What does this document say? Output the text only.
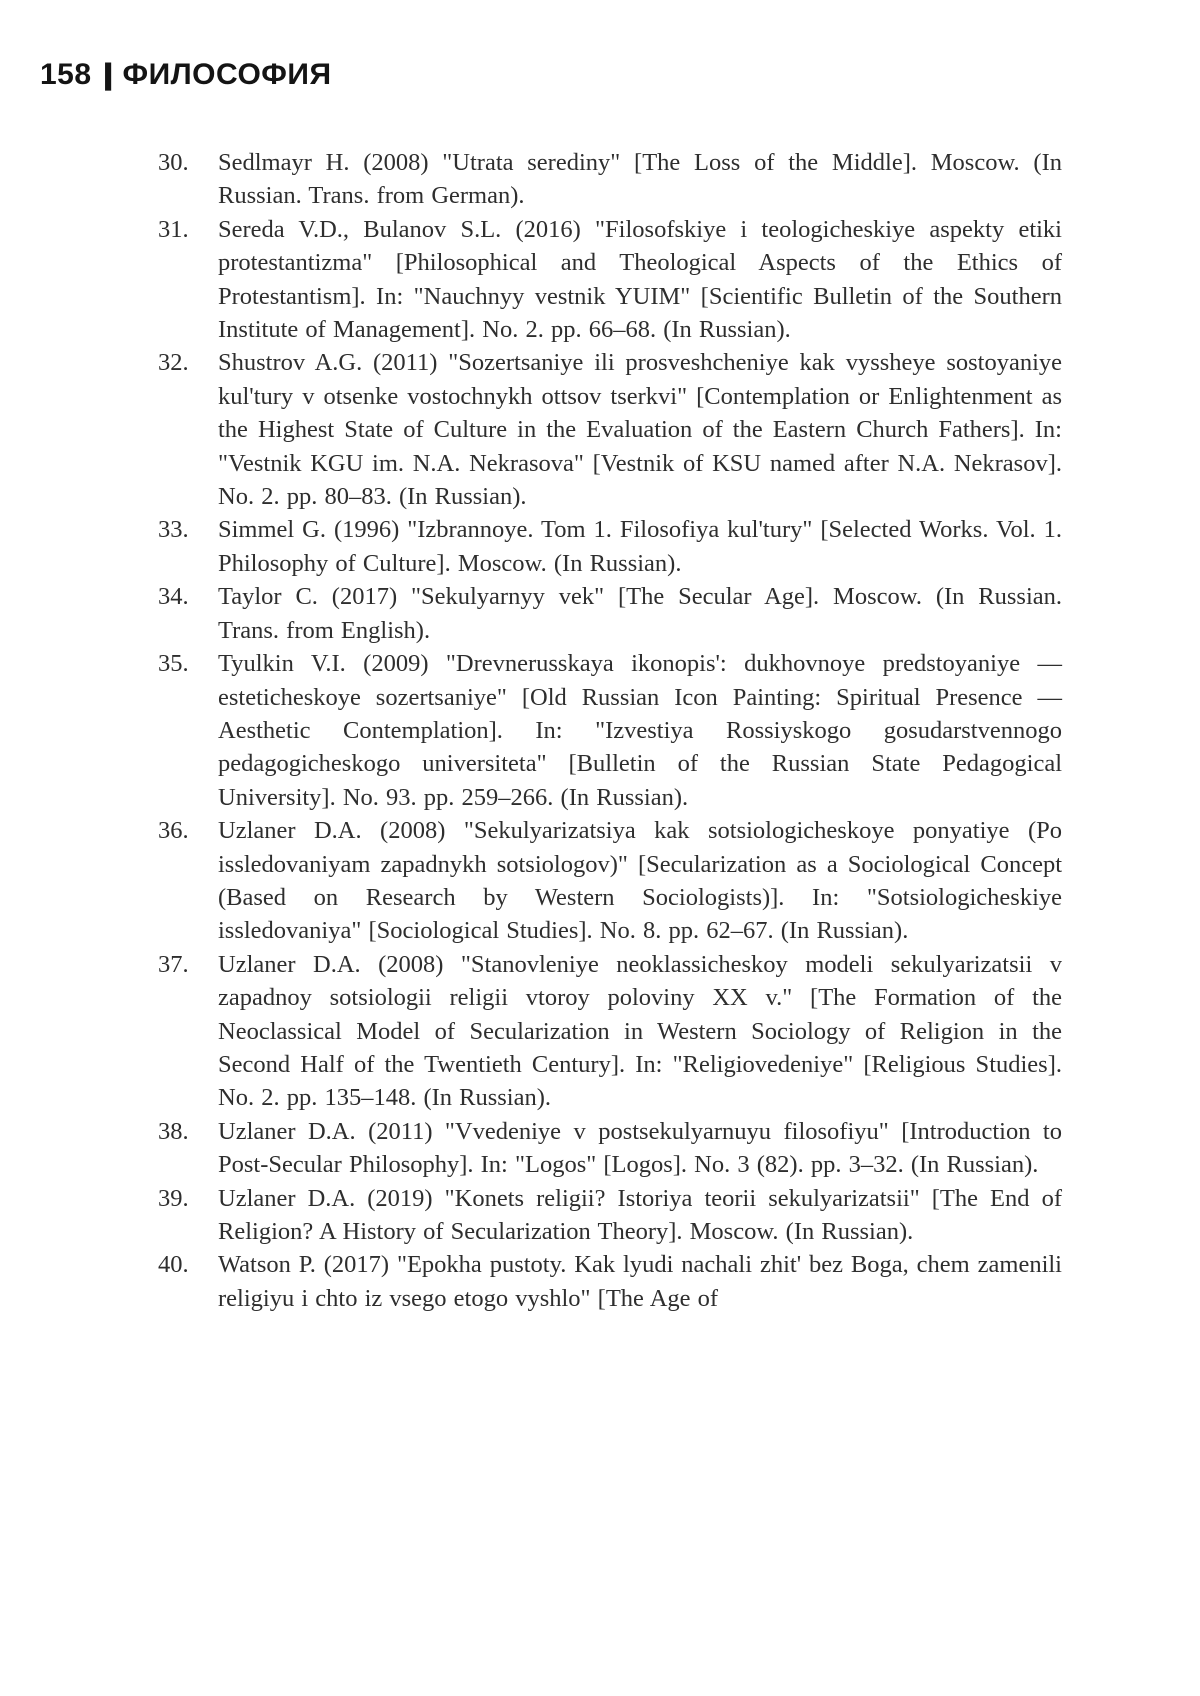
158 | ФИЛОСОФИЯ
30.	Sedlmayr H. (2008) "Utrata serediny" [The Loss of the Middle]. Moscow. (In Russian. Trans. from German).

31.	Sereda V.D., Bulanov S.L. (2016) "Filosofskiye i teologicheskiye aspekty etiki protestantizma" [Philosophical and Theological Aspects of the Ethics of Protestantism]. In: "Nauchnyy vestnik YUIM" [Scientific Bulletin of the Southern Institute of Management]. No. 2. pp. 66–68. (In Russian).

32.	Shustrov A.G. (2011) "Sozertsaniye ili prosveshcheniye kak vyssheye sostoyaniye kul'tury v otsenke vostochnykh ottsov tserkvi" [Contemplation or Enlightenment as the Highest State of Culture in the Evaluation of the Eastern Church Fathers]. In: "Vestnik KGU im. N.A. Nekrasova" [Vestnik of KSU named after N.A. Nekrasov]. No. 2. pp. 80–83. (In Russian).

33.	Simmel G. (1996) "Izbrannoye. Tom 1. Filosofiya kul'tury" [Selected Works. Vol. 1. Philosophy of Culture]. Moscow. (In Russian).

34.	Taylor C. (2017) "Sekulyarnyy vek" [The Secular Age]. Moscow. (In Russian. Trans. from English).

35.	Tyulkin V.I. (2009) "Drevnerusskaya ikonopis': dukhovnoye predstoyaniye — esteticheskoye sozertsaniye" [Old Russian Icon Painting: Spiritual Presence — Aesthetic Contemplation]. In: "Izvestiya Rossiyskogo gosudarstvennogo pedagogicheskogo universiteta" [Bulletin of the Russian State Pedagogical University]. No. 93. pp. 259–266. (In Russian).

36.	Uzlaner D.A. (2008) "Sekulyarizatsiya kak sotsiologicheskoye ponyatiye (Po issledovaniyam zapadnykh sotsiologov)" [Secularization as a Sociological Concept (Based on Research by Western Sociologists)]. In: "Sotsiologicheskiye issledovaniya" [Sociological Studies]. No. 8. pp. 62–67. (In Russian).

37.	Uzlaner D.A. (2008) "Stanovleniye neoklassicheskoy modeli sekulyarizatsii v zapadnoy sotsiologii religii vtoroy poloviny XX v." [The Formation of the Neoclassical Model of Secularization in Western Sociology of Religion in the Second Half of the Twentieth Century]. In: "Religiovedeniye" [Religious Studies]. No. 2. pp. 135–148. (In Russian).

38.	Uzlaner D.A. (2011) "Vvedeniye v postsekulyarnuyu filosofiyu" [Introduction to Post-Secular Philosophy]. In: "Logos" [Logos]. No. 3 (82). pp. 3–32. (In Russian).

39.	Uzlaner D.A. (2019) "Konets religii? Istoriya teorii sekulyarizatsii" [The End of Religion? A History of Secularization Theory]. Moscow. (In Russian).

40.	Watson P. (2017) "Epokha pustoty. Kak lyudi nachali zhit' bez Boga, chem zamenili religiyu i chto iz vsego etogo vyshlo" [The Age of
